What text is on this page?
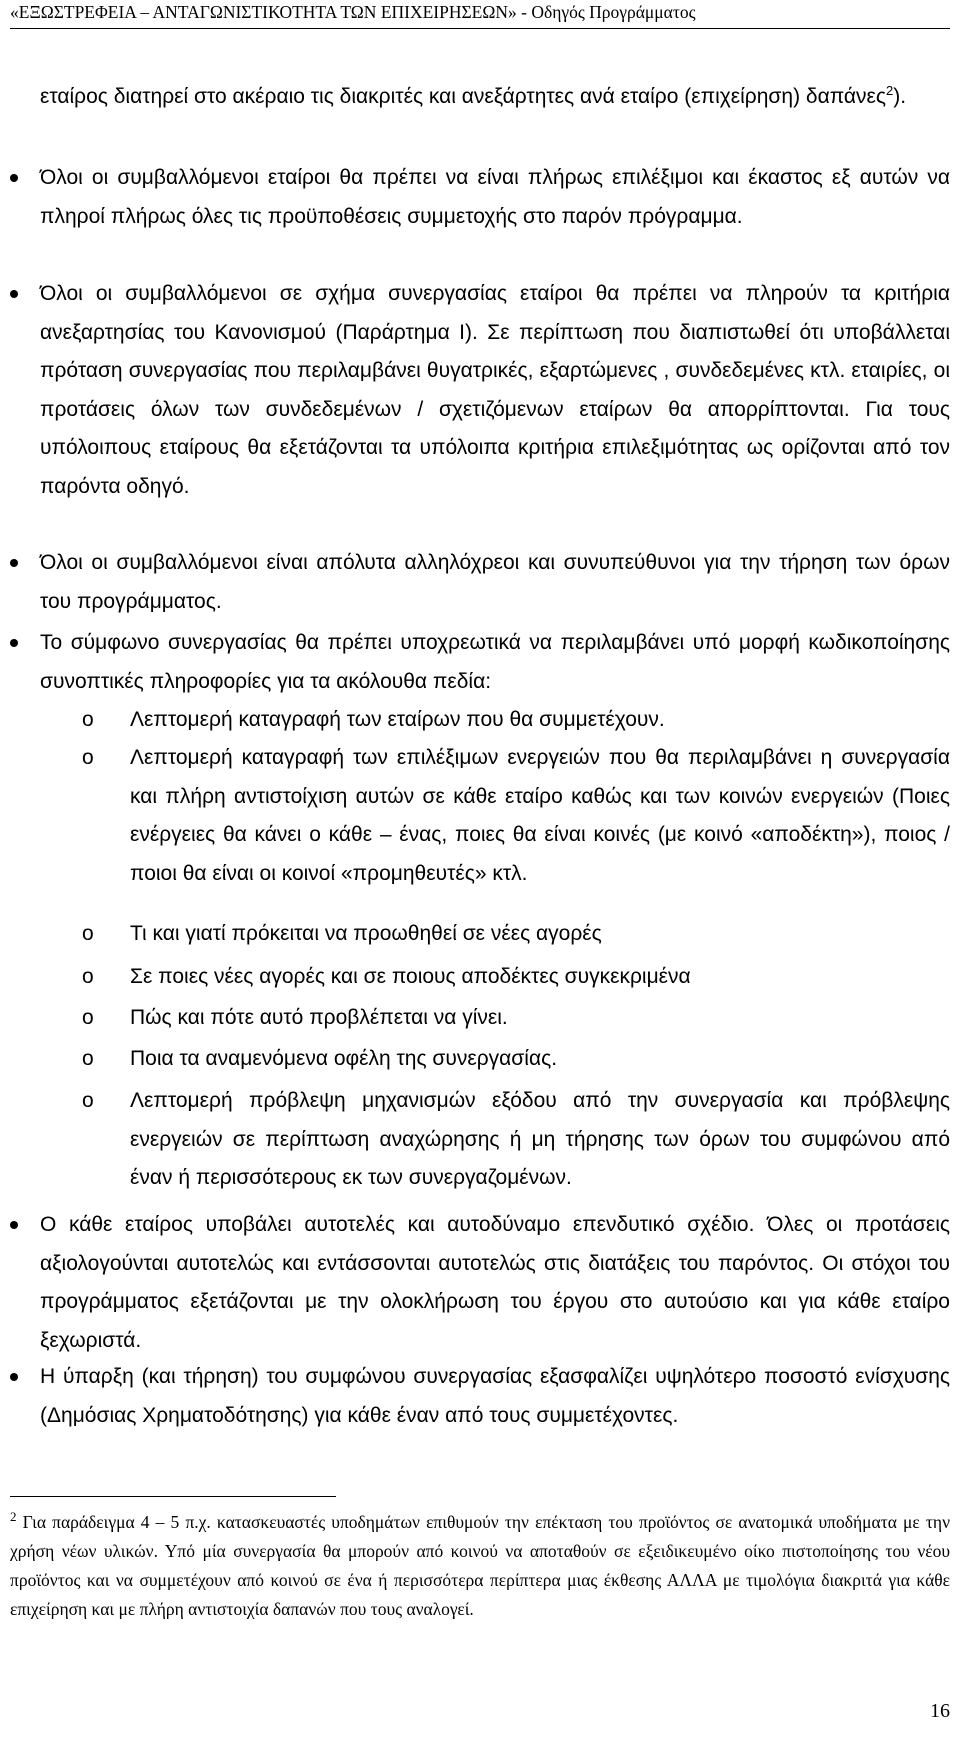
«ΕΞΩΣΤΡΕΦΕΙΑ – ΑΝΤΑΓΩΝΙΣΤΙΚΟΤΗΤΑ ΤΩΝ ΕΠΙΧΕΙΡΗΣΕΩΝ» - Οδηγός Προγράμματος

εταίρος διατηρεί στο ακέραιο τις διακριτές και ανεξάρτητες ανά εταίρο (επιχείρηση) δαπάνες$^2$).

Όλοι οι συμβαλλόμενοι εταίροι θα πρέπει να είναι πλήρως επιλέξιμοι και έκαστος εξ αυτών να πληροί πλήρως όλες τις προϋποθέσεις συμμετοχής στο παρόν πρόγραμμα.

Όλοι οι συμβαλλόμενοι σε σχήμα συνεργασίας εταίροι θα πρέπει να πληρούν τα κριτήρια ανεξαρτησίας του Κανονισμού (Παράρτημα Ι). Σε περίπτωση που διαπιστωθεί ότι υποβάλλεται πρόταση συνεργασίας που περιλαμβάνει θυγατρικές, εξαρτώμενες , συνδεδεμένες κτλ. εταιρίες, οι προτάσεις όλων των συνδεδεμένων / σχετιζόμενων εταίρων θα απορρίπτονται. Για τους υπόλοιπους εταίρους θα εξετάζονται τα υπόλοιπα κριτήρια επιλεξιμότητας ως ορίζονται από τον παρόντα οδηγό.

Όλοι οι συμβαλλόμενοι είναι απόλυτα αλληλόχρεοι και συνυπεύθυνοι για την τήρηση των όρων του προγράμματος.

Το σύμφωνο συνεργασίας θα πρέπει υποχρεωτικά να περιλαμβάνει υπό μορφή κωδικοποίησης συνοπτικές πληροφορίες για τα ακόλουθα πεδία:

o Λεπτομερή καταγραφή των εταίρων που θα συμμετέχουν.

o Λεπτομερή καταγραφή των επιλέξιμων ενεργειών που θα περιλαμβάνει η συνεργασία και πλήρη αντιστοίχιση αυτών σε κάθε εταίρο καθώς και των κοινών ενεργειών (Ποιες ενέργειες θα κάνει ο κάθε – ένας, ποιες θα είναι κοινές (με κοινό «αποδέκτη»), ποιος / ποιοι θα είναι οι κοινοί «προμηθευτές» κτλ.

o Τι και γιατί πρόκειται να προωθηθεί σε νέες αγορές

o Σε ποιες νέες αγορές και σε ποιους αποδέκτες συγκεκριμένα

o Πώς και πότε αυτό προβλέπεται να γίνει.

o Ποια τα αναμενόμενα οφέλη της συνεργασίας.

o Λεπτομερή πρόβλεψη μηχανισμών εξόδου από την συνεργασία και πρόβλεψης ενεργειών σε περίπτωση αναχώρησης ή μη τήρησης των όρων του συμφώνου από έναν ή περισσότερους εκ των συνεργαζομένων.

Ο κάθε εταίρος υποβάλει αυτοτελές και αυτοδύναμο επενδυτικό σχέδιο. Όλες οι προτάσεις αξιολογούνται αυτοτελώς και εντάσσονται αυτοτελώς στις διατάξεις του παρόντος. Οι στόχοι του προγράμματος εξετάζονται με την ολοκλήρωση του έργου στο αυτούσιο και για κάθε εταίρο ξεχωριστά.

Η ύπαρξη (και τήρηση) του συμφώνου συνεργασίας εξασφαλίζει υψηλότερο ποσοστό ενίσχυσης (Δημόσιας Χρηματοδότησης) για κάθε έναν από τους συμμετέχοντες.

$^2$ Για παράδειγμα 4 – 5 π.χ. κατασκευαστές υποδημάτων επιθυμούν την επέκταση του προϊόντος σε ανατομικά υποδήματα με την χρήση νέων υλικών. Υπό μία συνεργασία θα μπορούν από κοινού να αποταθούν σε εξειδικευμένο οίκο πιστοποίησης του νέου προϊόντος και να συμμετέχουν από κοινού σε ένα ή περισσότερα περίπτερα μιας έκθεσης ΑΛΛΑ με τιμολόγια διακριτά για κάθε επιχείρηση και με πλήρη αντιστοιχία δαπανών που τους αναλογεί.

16
